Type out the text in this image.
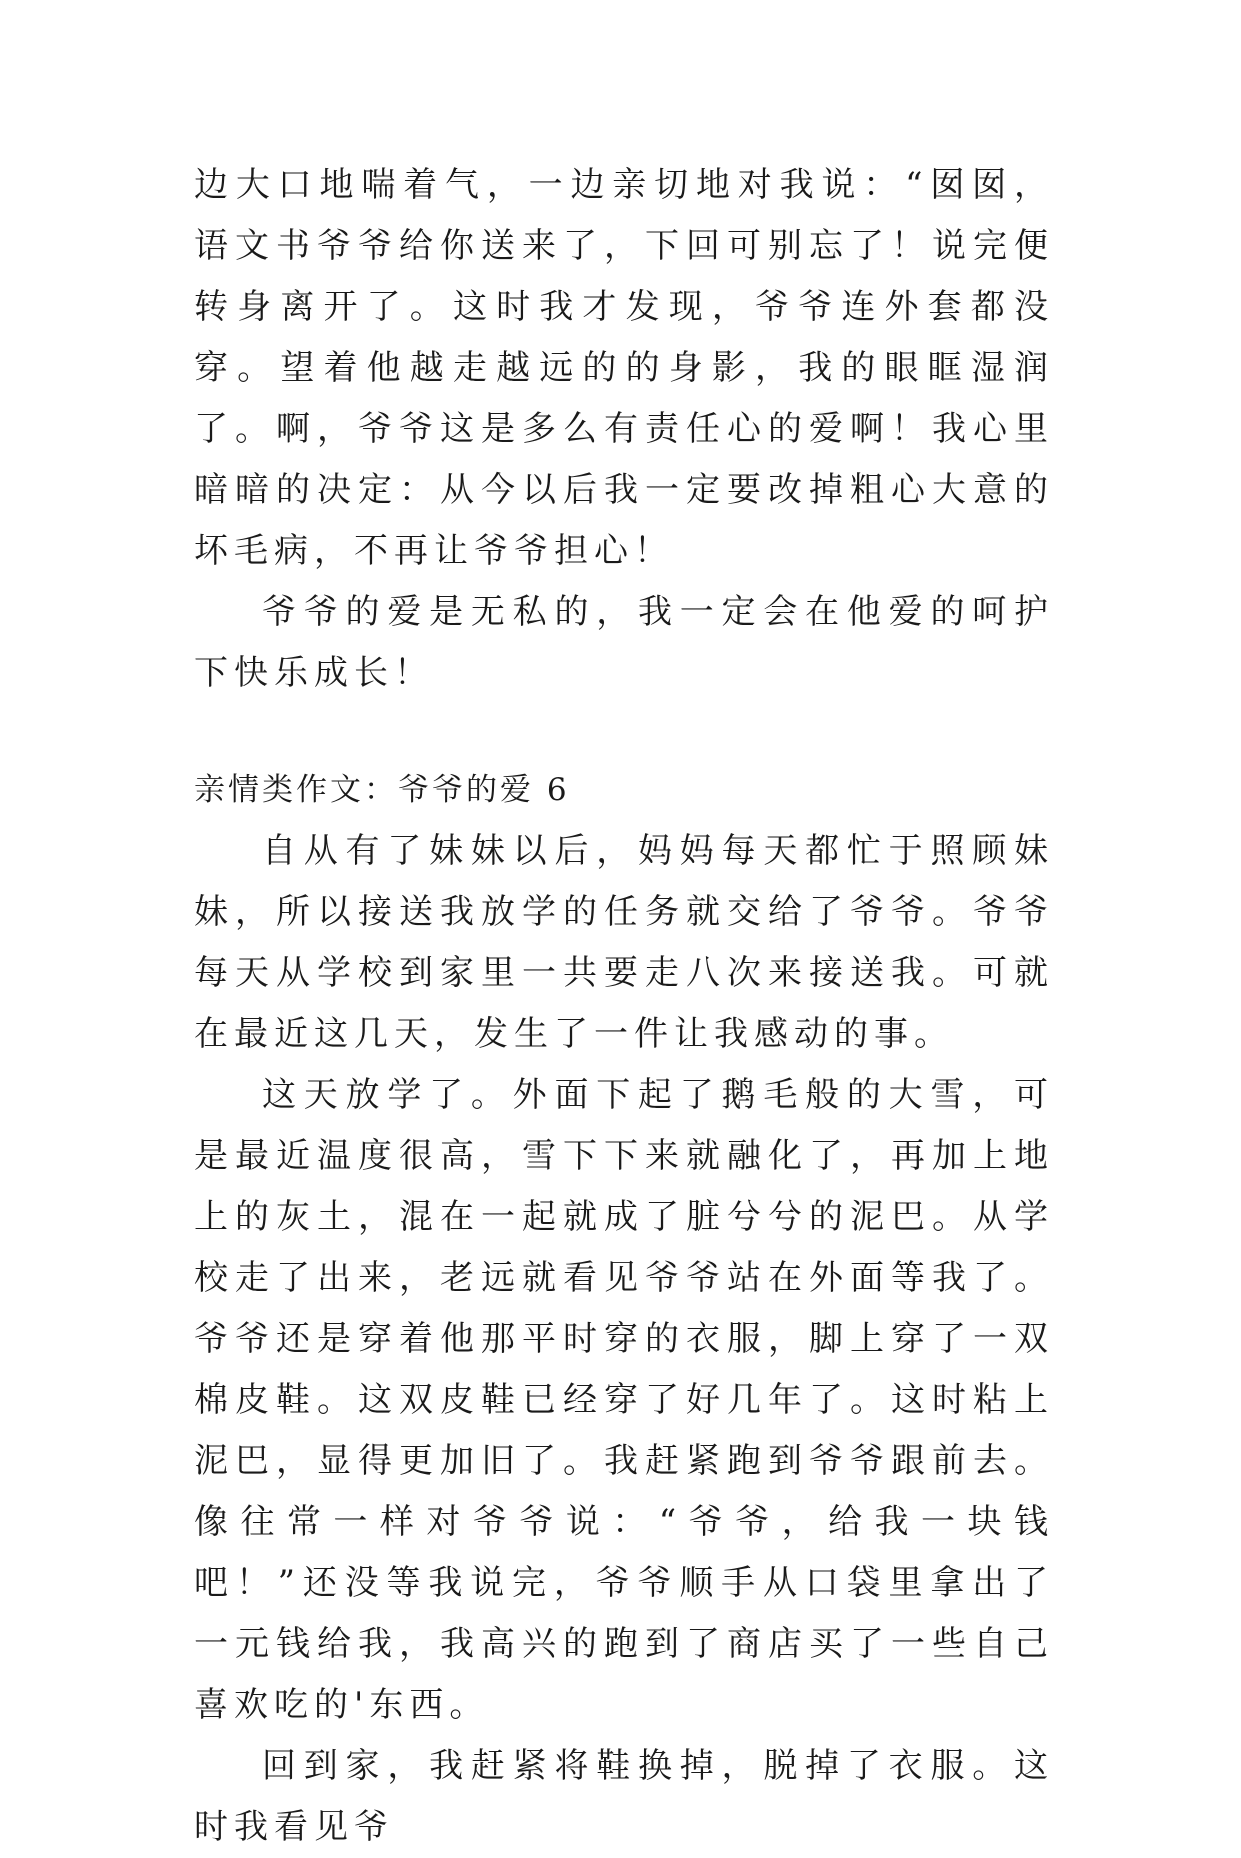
边大口地喘着气，一边亲切地对我说：“囡囡，语文书爷爷给你送来了，下回可别忘了！说完便转身离开了。这时我才发现，爷爷连外套都没穿。望着他越走越远的的身影，我的眼眶湿润了。啊，爷爷这是多么有责任心的爱啊！我心里暗暗的决定：从今以后我一定要改掉粗心大意的坏毛病，不再让爷爷担心！

爷爷的爱是无私的，我一定会在他爱的呵护下快乐成长！

亲情类作文：爷爷的爱 6

自从有了妹妹以后，妈妈每天都忙于照顾妹妹，所以接送我放学的任务就交给了爷爷。爷爷每天从学校到家里一共要走八次来接送我。可就在最近这几天，发生了一件让我感动的事。

这天放学了。外面下起了鹅毛般的大雪，可是最近温度很高，雪下下来就融化了，再加上地上的灰土，混在一起就成了脏兮兮的泥巴。从学校走了出来，老远就看见爷爷站在外面等我了。爷爷还是穿着他那平时穿的衣服，脚上穿了一双棉皮鞋。这双皮鞋已经穿了好几年了。这时粘上泥巴，显得更加旧了。我赶紧跑到爷爷跟前去。像往常一样对爷爷说：“爷爷，给我一块钱吧！”还没等我说完，爷爷顺手从口袋里拿出了一元钱给我，我高兴的跑到了商店买了一些自己喜欢吃的'东西。

回到家，我赶紧将鞋换掉，脱掉了衣服。这时我看见爷
